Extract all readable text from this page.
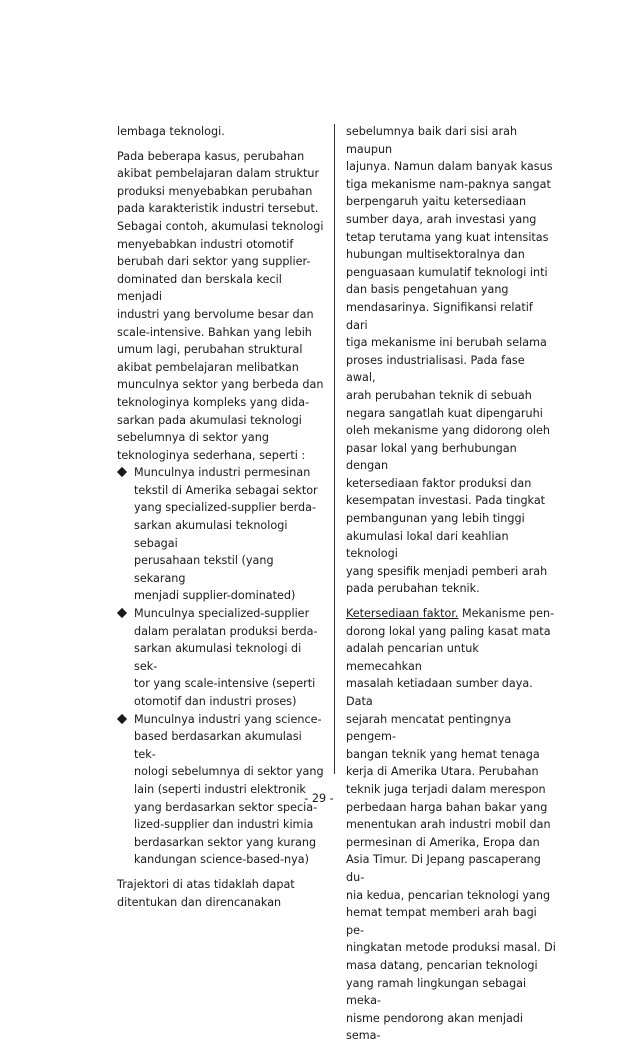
lembaga teknologi.

Pada beberapa kasus, perubahan
akibat pembelajaran dalam struktur
produksi menyebabkan perubahan
pada karakteristik industri tersebut.
Sebagai contoh, akumulasi teknologi
menyebabkan industri otomotif
berubah dari sektor yang supplier-
dominated dan berskala kecil menjadi
industri yang bervolume besar dan
scale-intensive. Bahkan yang lebih
umum lagi, perubahan struktural
akibat pembelajaran melibatkan
munculnya sektor yang berbeda dan
teknologinya kompleks yang dida-
sarkan pada akumulasi teknologi
sebelumnya di sektor yang
teknologinya sederhana, seperti :

Munculnya industri permesinan
tekstil di Amerika sebagai sektor
yang specialized-supplier berda-
sarkan akumulasi teknologi sebagai
perusahaan tekstil (yang sekarang
menjadi supplier-dominated)
Munculnya specialized-supplier
dalam peralatan produksi berda-
sarkan akumulasi teknologi di sek-
tor yang scale-intensive (seperti
otomotif dan industri proses)
Munculnya industri yang science-
based berdasarkan akumulasi tek-
nologi sebelumnya di sektor yang
lain (seperti industri elektronik
yang berdasarkan sektor specia-
lized-supplier dan industri kimia
berdasarkan sektor yang kurang
kandungan science-based-nya)

Trajektori di atas tidaklah dapat
ditentukan dan direncanakan

sebelumnya baik dari sisi arah maupun
lajunya. Namun dalam banyak kasus
tiga mekanisme nam-paknya sangat
berpengaruh yaitu ketersediaan
sumber daya, arah investasi yang
tetap terutama yang kuat intensitas
hubungan multisektoralnya dan
penguasaan kumulatif teknologi inti
dan basis pengetahuan yang
mendasarinya. Signifikansi relatif dari
tiga mekanisme ini berubah selama
proses industrialisasi. Pada fase awal,
arah perubahan teknik di sebuah
negara sangatlah kuat dipengaruhi
oleh mekanisme yang didorong oleh
pasar lokal yang berhubungan dengan
ketersediaan faktor produksi dan
kesempatan investasi. Pada tingkat
pembangunan yang lebih tinggi
akumulasi lokal dari keahlian teknologi
yang spesifik menjadi pemberi arah
pada perubahan teknik.

Ketersediaan faktor. Mekanisme pen-
dorong lokal yang paling kasat mata
adalah pencarian untuk memecahkan
masalah ketiadaan sumber daya. Data
sejarah mencatat pentingnya pengem-
bangan teknik yang hemat tenaga
kerja di Amerika Utara. Perubahan
teknik juga terjadi dalam merespon
perbedaan harga bahan bakar yang
menentukan arah industri mobil dan
permesinan di Amerika, Eropa dan
Asia Timur. Di Jepang pascaperang du-
nia kedua, pencarian teknologi yang
hemat tempat memberi arah bagi pe-
ningkatan metode produksi masal. Di
masa datang, pencarian teknologi
yang ramah lingkungan sebagai meka-
nisme pendorong akan menjadi sema-

- 29 -
